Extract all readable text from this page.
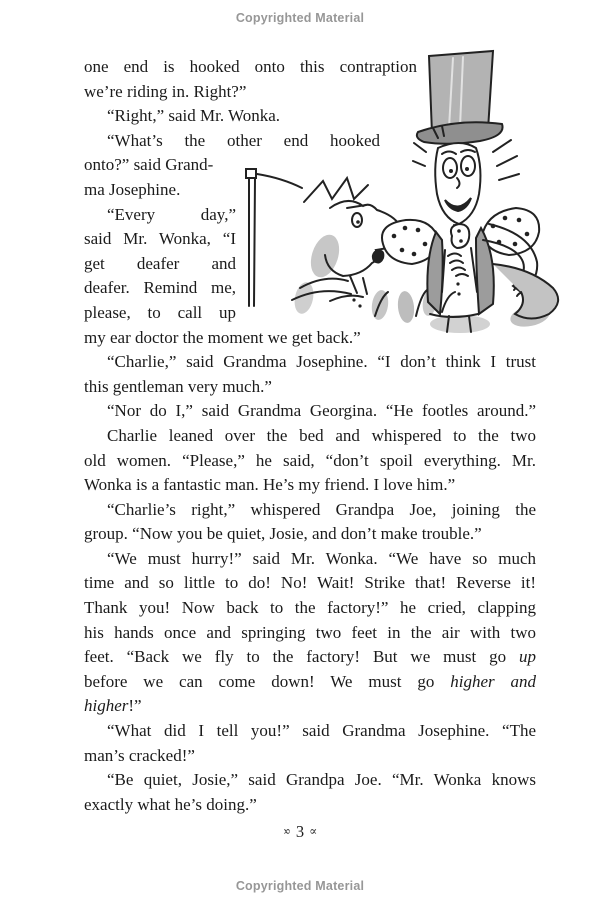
Copyrighted Material
one end is hooked onto this contraption
we’re riding in. Right?”
“Right,” said Mr. Wonka.
“What’s the other end hooked
onto?” said Grand-
ma Josephine.
“Every day,”
said Mr. Wonka, “I
get deafer and
deafer. Remind me,
please, to call up
my ear doctor the moment we get back.”
“Charlie,” said Grandma Josephine. “I don’t think I trust
this gentleman very much.”
“Nor do I,” said Grandma Georgina. “He footles around.”
Charlie leaned over the bed and whispered to the two
old women. “Please,” he said, “don’t spoil everything. Mr.
Wonka is a fantastic man. He’s my friend. I love him.”
“Charlie’s right,” whispered Grandpa Joe, joining the
group. “Now you be quiet, Josie, and don’t make trouble.”
“We must hurry!” said Mr. Wonka. “We have so much
time and so little to do! No! Wait! Strike that! Reverse it!
Thank you! Now back to the factory!” he cried, clapping
his hands once and springing two feet in the air with two
feet. “Back we fly to the factory! But we must go up
before we can come down! We must go higher and
higher!”
“What did I tell you!” said Grandma Josephine. “The
man’s cracked!”
“Be quiet, Josie,” said Grandpa Joe. “Mr. Wonka knows
exactly what he’s doing.”
∝ 3 ∝
Copyrighted Material
